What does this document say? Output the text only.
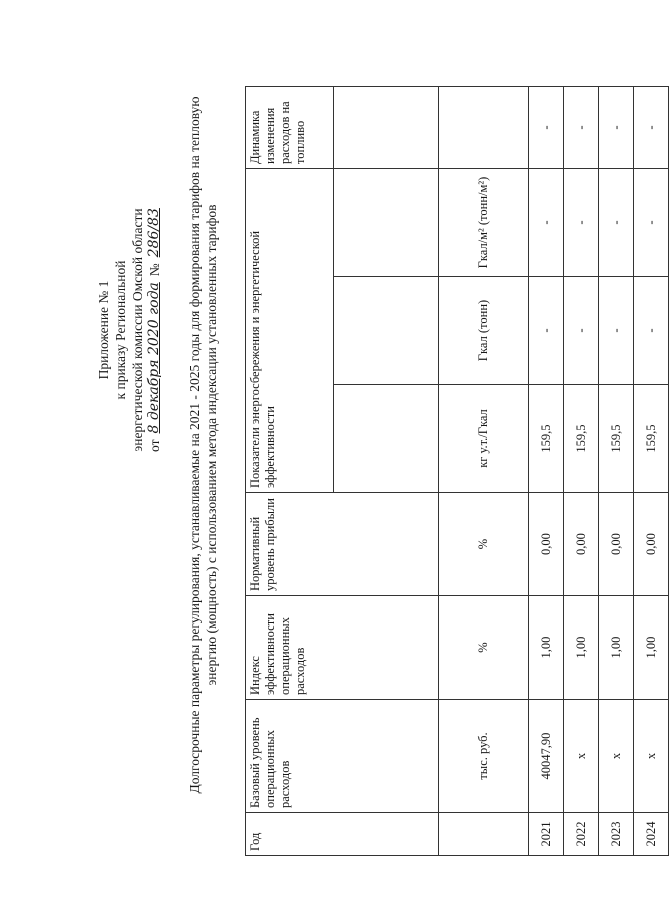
Приложение № 1 к приказу Региональной энергетической комиссии Омской области от
8 декабря 2020 года
№
286/83 Долгосрочные параметры регулирования, устанавливаемые на 2021 - 2025 годы для формирования тарифов на тепловую энергию (мощность) с использованием метода индексации установленных тарифов
Год	Базовый уровень операционных расходов	Индекс эффективности операционных расходов	Нормативный уровень прибыли	Показатели энергосбережения и энергетической эффективности			Динамика изменения расходов на топливо

	тыс. руб.	%	%	кг у.т./Гкал	Гкал (тонн)	Гкал/м² (тонн/м²)	
2021	40047,90	1,00	0,00	159,5	-	-	-
2022	x	1,00	0,00	159,5	-	-	-
2023	x	1,00	0,00	159,5	-	-	-
2024	x	1,00	0,00	159,5	-	-	-
